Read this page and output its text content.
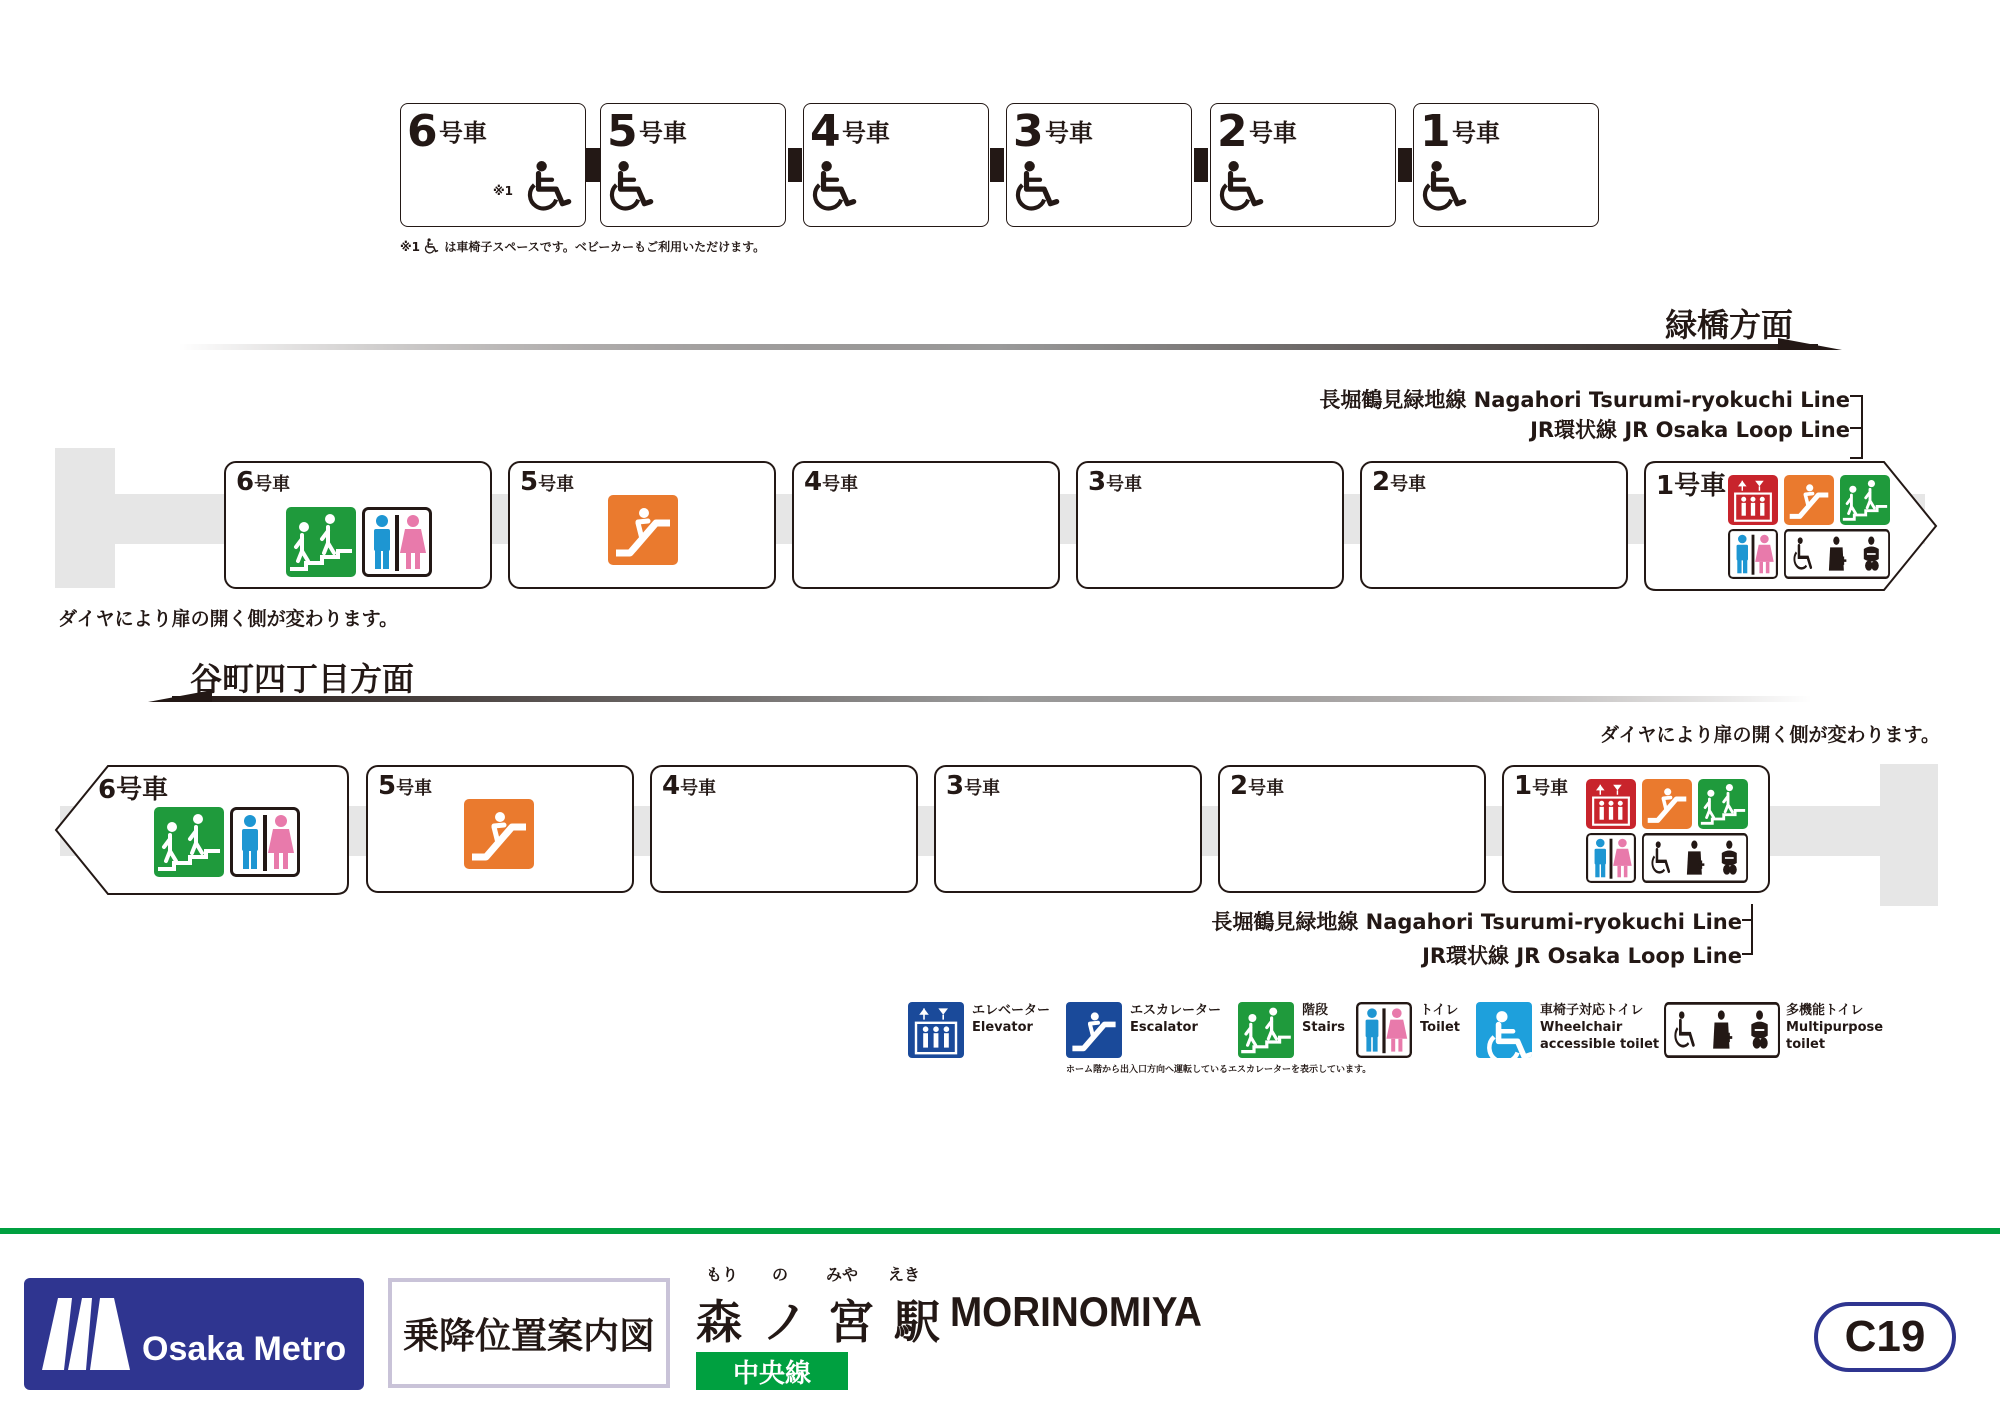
6 号車
※1
5 号車	4 号車	3 号車	2 号車	1 号車
※1 は車椅子スペースです。ベビーカーもご利用いただけます。
緑橋方面
長堀鶴見緑地線 Nagahori Tsurumi-ryokuchi Line
JR環状線 JR Osaka Loop Line
6号車	5号車	4号車	3号車	2号車	1号車
ダイヤにより扉の開く側が変わります。
谷町四丁目方面
ダイヤにより扉の開く側が変わります。
6号車	5号車	4号車	3号車	2号車	1号車
長堀鶴見緑地線 Nagahori Tsurumi-ryokuchi Line
JR環状線 JR Osaka Loop Line
エレベーター
Elevator
エスカレーター
Escalator
ホーム階から出入口方向へ運転しているエスカレーターを表示しています。
階段
Stairs
トイレ
Toilet
車椅子対応トイレ
Wheelchair
accessible toilet
多機能トイレ
Multipurpose
toilet
Osaka Metro	乗降位置案内図
もり の みや えき
森 ノ 宮 駅 MORINOMIYA
中央線
C19
